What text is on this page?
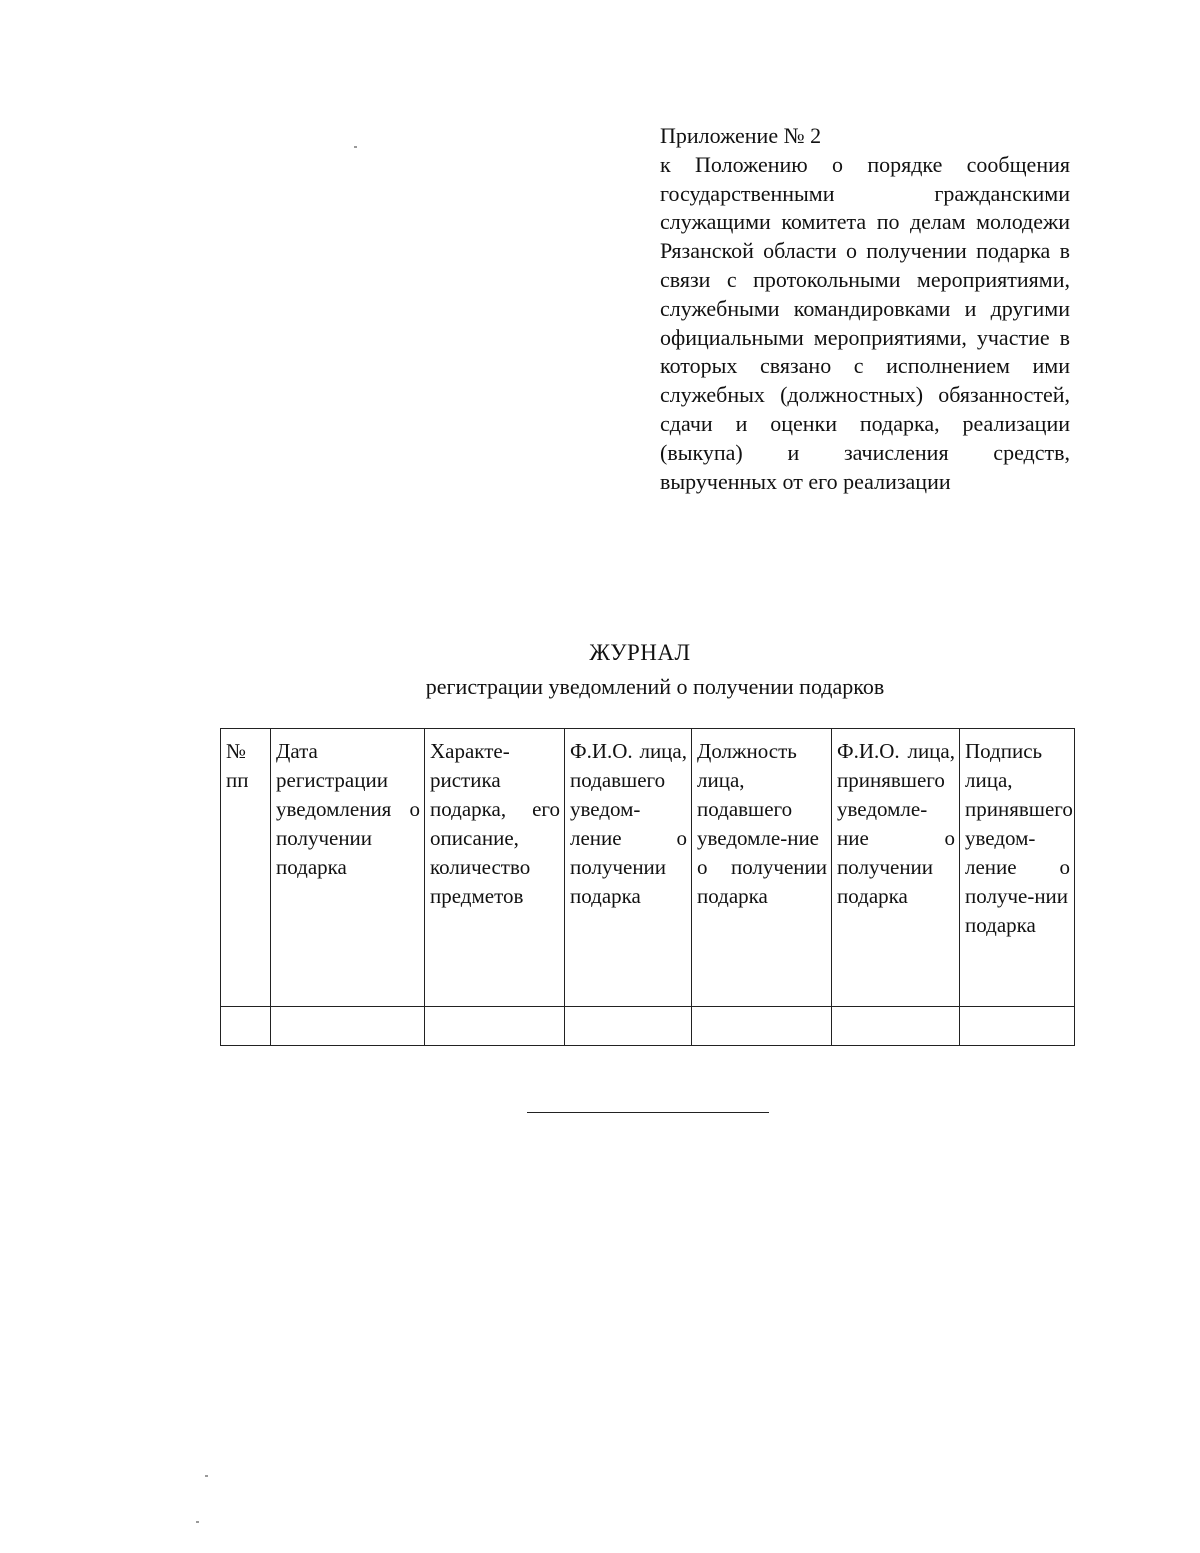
Приложение № 2
к Положению о порядке сообщения государственными гражданскими служащими комитета по делам молодежи Рязанской области о получении подарка в связи с протокольными мероприятиями, служебными командировками и другими официальными мероприятиями, участие в которых связано с исполнением ими служебных (должностных) обязанностей, сдачи и оценки подарка, реализации (выкупа) и зачисления средств, вырученных от его реализации
ЖУРНАЛ
регистрации уведомлений о получении подарков
№ пп	Дата регистрации уведомления о получении подарка	Характе-ристика подарка, его описание, количество предметов	Ф.И.О. лица, подавшего уведом-ление о получении подарка	Должность лица, подавшего уведомле-ние о получении подарка	Ф.И.О. лица, принявшего уведомле-ние о получении подарка	Подпись лица, принявшего уведом-ление о получе-нии подарка
